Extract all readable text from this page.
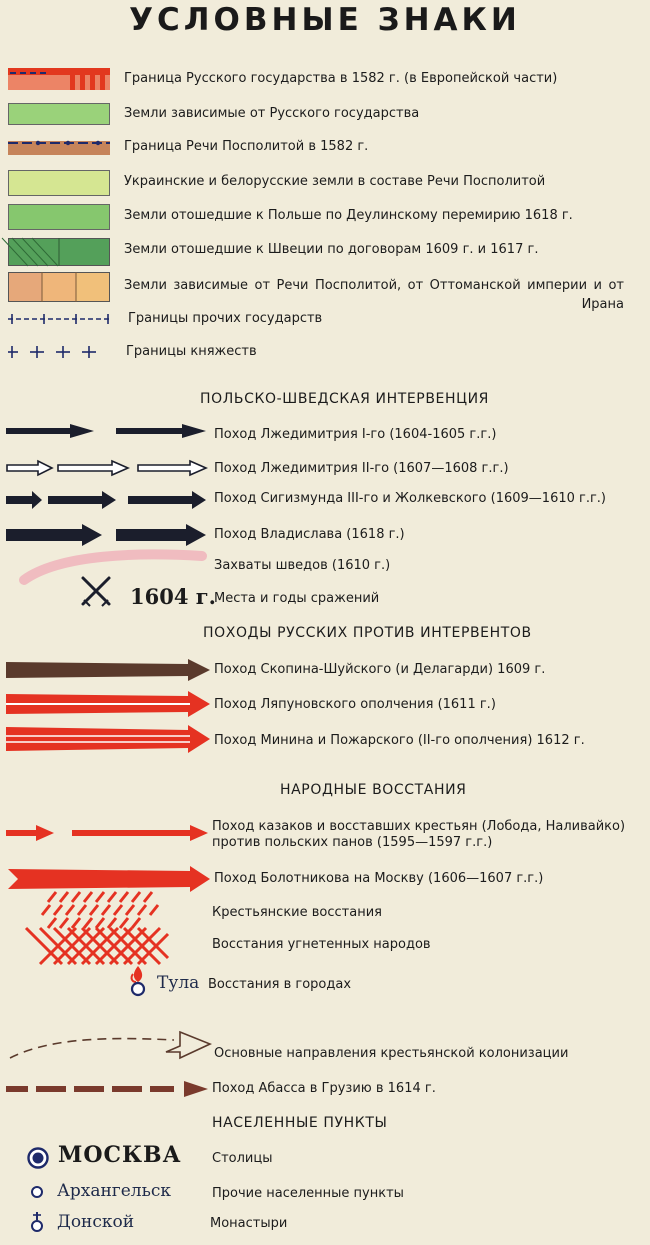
УСЛОВНЫЕ ЗНАКИ
Граница Русского государства в 1582 г. (в Европейской части)
Земли зависимые от Русского государства
Граница Речи Посполитой в 1582 г.
Украинские и белорусские земли в составе Речи Посполитой
Земли отошедшие к Польше по Деулинскому перемирию 1618 г.
Земли отошедшие к Швеции по договорам 1609 г. и 1617 г.
Земли зависимые от Речи Посполитой, от Оттоманской империи и от Ирана
Границы прочих государств
Границы княжеств
ПОЛЬСКО-ШВЕДСКАЯ ИНТЕРВЕНЦИЯ
Поход Лжедимитрия I-го (1604-1605 г.г.)
Поход Лжедимитрия II-го (1607—1608 г.г.)
Поход Сигизмунда III-го и Жолкевского (1609—1610 г.г.)
Поход Владислава (1618 г.)
Захваты шведов (1610 г.)
1604 г.
Места и годы сражений
ПОХОДЫ РУССКИХ ПРОТИВ ИНТЕРВЕНТОВ
Поход Скопина-Шуйского (и Делагарди) 1609 г.
Поход Ляпуновского ополчения (1611 г.)
Поход Минина и Пожарского (II-го ополчения) 1612 г.
НАРОДНЫЕ ВОССТАНИЯ
Поход казаков и восставших крестьян (Лобода, Наливайко) против польских панов (1595—1597 г.г.)
Поход Болотникова на Москву (1606—1607 г.г.)
Крестьянские восстания
Восстания угнетенных народов
Тула Восстания в городах
Основные направления крестьянской колонизации
Поход Абасса в Грузию в 1614 г.
НАСЕЛЕННЫЕ ПУНКТЫ
МОСКВА Столицы
Архангельск	Прочие населенные пункты
Донской	Монастыри
